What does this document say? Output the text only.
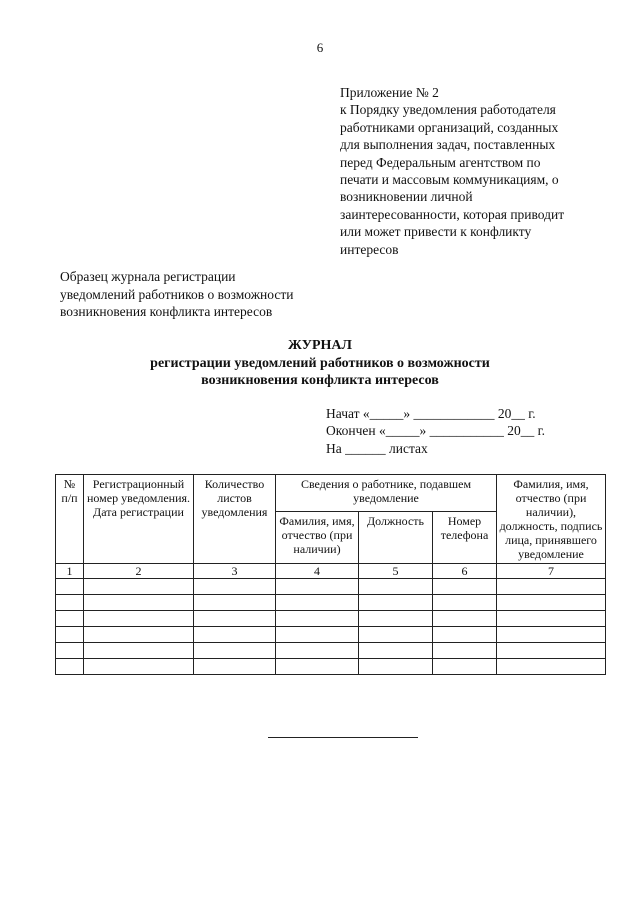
6
Приложение № 2
к Порядку уведомления работодателя
работниками организаций, созданных
для выполнения задач, поставленных
перед Федеральным агентством по
печати и массовым коммуникациям, о
возникновении личной
заинтересованности, которая приводит
или может привести к конфликту
интересов
Образец журнала регистрации
уведомлений работников о возможности
возникновения конфликта интересов
ЖУРНАЛ
регистрации уведомлений работников о возможности
возникновения конфликта интересов
Начат «_____» ____________ 20__ г.
Окончен «_____» ___________ 20__ г.
На ______ листах
№ п/п	Регистрационный номер уведомления. Дата регистрации	Количество листов уведомления	Сведения о работнике, подавшем уведомление			Фамилия, имя, отчество (при наличии), должность, подпись лица, принявшего уведомление
			Фамилия, имя, отчество (при наличии)	Должность	Номер телефона	
1	2	3	4	5	6	7
